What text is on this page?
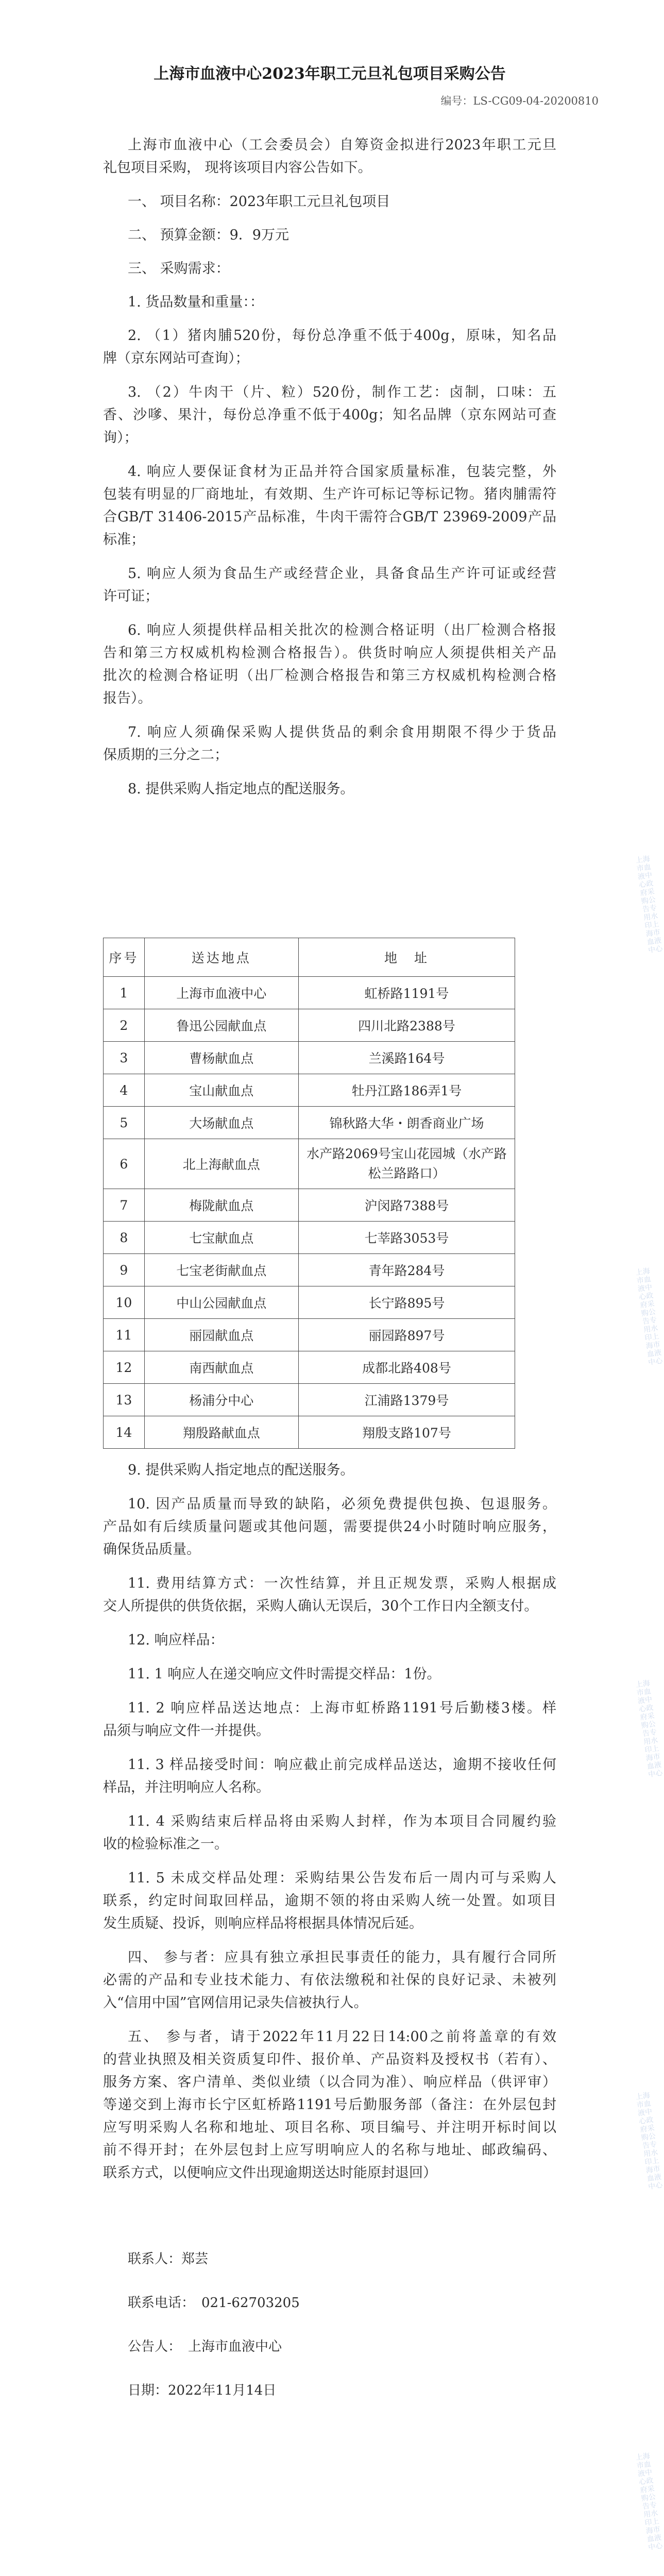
上海市血液中心2023年职工元旦礼包项目采购公告
编号：LS-CG09-04-20200810
上海市血液中心（工会委员会）自筹资金拟进行2023年职工元旦
礼包项目采购， 现将该项目内容公告如下。
一、 项目名称：2023年职工元旦礼包项目
二、 预算金额：9．9万元
三、 采购需求：
1. 货品数量和重量：：
2. （1）猪肉脯520份，每份总净重不低于400g，原味，知名品
牌（京东网站可查询）；
3. （2）牛肉干（片、粒）520份，制作工艺：卤制，口味：五
香、沙嗲、果汁，每份总净重不低于400g；知名品牌（京东网站可查
询）；
4. 响应人要保证食材为正品并符合国家质量标准，包装完整，外
包装有明显的厂商地址，有效期、生产许可标记等标记物。猪肉脯需符
合GB/T 31406-2015产品标准，牛肉干需符合GB/T 23969-2009产品
标准；
5. 响应人须为食品生产或经营企业，具备食品生产许可证或经营
许可证；
6. 响应人须提供样品相关批次的检测合格证明（出厂检测合格报
告和第三方权威机构检测合格报告）。供货时响应人须提供相关产品
批次的检测合格证明（出厂检测合格报告和第三方权威机构检测合格
报告）。
7. 响应人须确保采购人提供货品的剩余食用期限不得少于货品
保质期的三分之二；
8. 提供采购人指定地点的配送服务。
序号	送达地点	地　址
1	上海市血液中心	虹桥路1191号
2	鲁迅公园献血点	四川北路2388号
3	曹杨献血点	兰溪路164号
4	宝山献血点	牡丹江路186弄1号
5	大场献血点	锦秋路大华・朗香商业广场
6	北上海献血点	水产路2069号宝山花园城（水产路松兰路路口）
7	梅陇献血点	沪闵路7388号
8	七宝献血点	七莘路3053号
9	七宝老街献血点	青年路284号
10	中山公园献血点	长宁路895号
11	丽园献血点	丽园路897号
12	南西献血点	成都北路408号
13	杨浦分中心	江浦路1379号
14	翔殷路献血点	翔殷支路107号
9. 提供采购人指定地点的配送服务。
10. 因产品质量而导致的缺陷，必须免费提供包换、包退服务。
产品如有后续质量问题或其他问题，需要提供24小时随时响应服务，
确保货品质量。
11. 费用结算方式：一次性结算，并且正规发票，采购人根据成
交人所提供的供货依据，采购人确认无误后，30个工作日内全额支付。
12. 响应样品：
11. 1 响应人在递交响应文件时需提交样品：1份。
11. 2 响应样品送达地点：上海市虹桥路1191号后勤楼3楼。样
品须与响应文件一并提供。
11. 3 样品接受时间：响应截止前完成样品送达，逾期不接收任何
样品，并注明响应人名称。
11. 4 采购结束后样品将由采购人封样，作为本项目合同履约验
收的检验标准之一。
11. 5 未成交样品处理：采购结果公告发布后一周内可与采购人
联系，约定时间取回样品，逾期不领的将由采购人统一处置。如项目
发生质疑、投诉，则响应样品将根据具体情况后延。
四、 参与者：应具有独立承担民事责任的能力，具有履行合同所
必需的产品和专业技术能力、有依法缴税和社保的良好记录、未被列
入“信用中国”官网信用记录失信被执行人。
五、 参与者，请于2022年11月22日14:00之前将盖章的有效
的营业执照及相关资质复印件、报价单、产品资料及授权书（若有）、
服务方案、客户清单、类似业绩（以合同为准）、响应样品（供评审）
等递交到上海市长宁区虹桥路1191号后勤服务部（备注：在外层包封
应写明采购人名称和地址、项目名称、项目编号、并注明开标时间以
前不得开封；在外层包封上应写明响应人的名称与地址、邮政编码、
联系方式，以便响应文件出现逾期送达时能原封退回）
联系人：郑芸
联系电话：　021-62703205
公告人：　上海市血液中心
日期：2022年11月14日
上海市血液中心政府采购公告专用水印上海市血液中心
上海市血液中心政府采购公告专用水印上海市血液中心
上海市血液中心政府采购公告专用水印上海市血液中心
上海市血液中心政府采购公告专用水印上海市血液中心
上海市血液中心政府采购公告专用水印上海市血液中心
